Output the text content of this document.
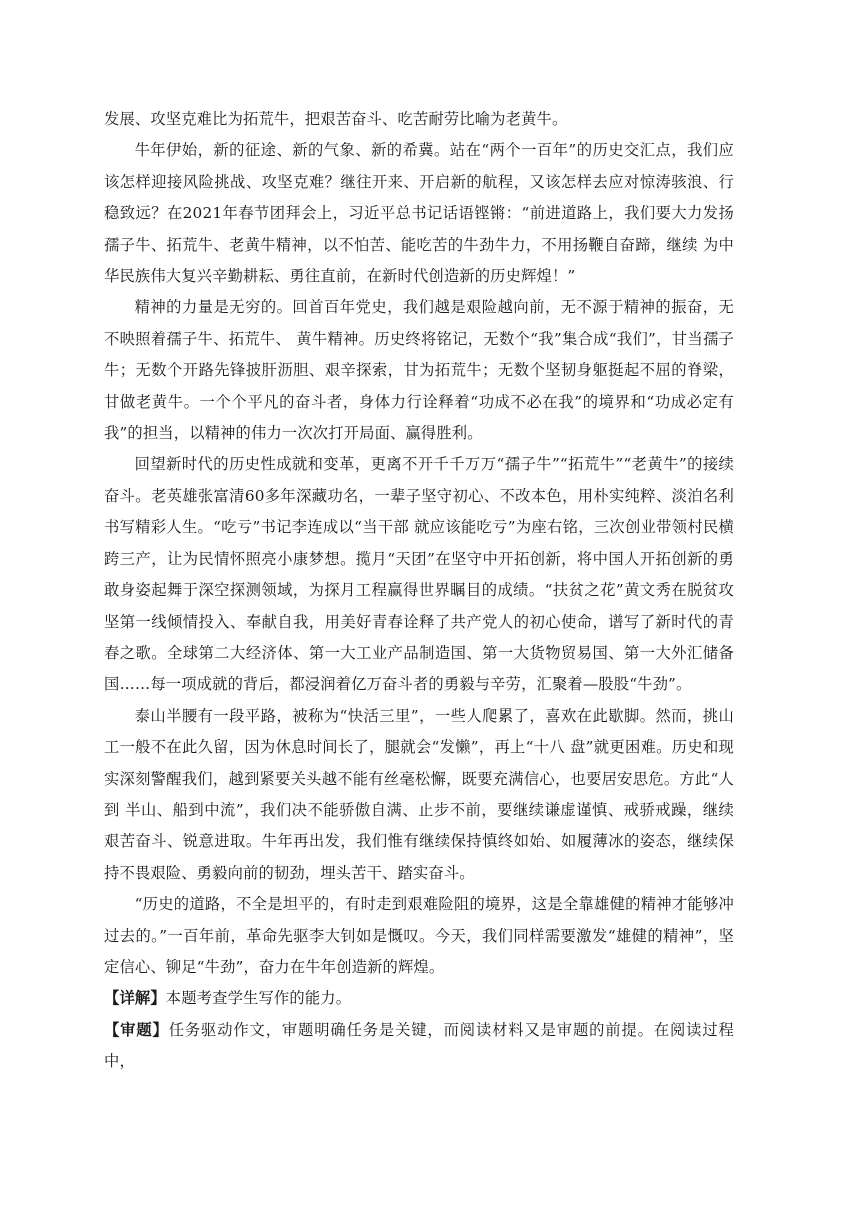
发展、攻坚克难比为拓荒牛，把艰苦奋斗、吃苦耐劳比喻为老黄牛。

牛年伊始，新的征途、新的气象、新的希冀。站在“两个一百年”的历史交汇点，我们应该怎样迎接风险挑战、攻坚克难？继往开来、开启新的航程，又该怎样去应对惊涛骇浪、行稳致远？在2021年春节团拜会上，习近平总书记话语铿锵：“前进道路上，我们要大力发扬孺子牛、拓荒牛、老黄牛精神，以不怕苦、能吃苦的牛劲牛力，不用扬鞭自奋蹄，继续 为中华民族伟大复兴辛勤耕耘、勇往直前，在新时代创造新的历史辉煌！”

精神的力量是无穷的。回首百年党史，我们越是艰险越向前，无不源于精神的振奋，无不映照着孺子牛、拓荒牛、 黄牛精神。历史终将铭记，无数个“我”集合成“我们”，甘当孺子牛；无数个开路先锋披肝沥胆、艰辛探索，甘为拓荒牛；无数个坚韧身躯挺起不屈的脊梁，甘做老黄牛。一个个平凡的奋斗者，身体力行诠释着“功成不必在我”的境界和“功成必定有我”的担当，以精神的伟力一次次打开局面、赢得胜利。

回望新时代的历史性成就和变革，更离不开千千万万“孺子牛”“拓荒牛”“老黄牛”的接续奋斗。老英雄张富清60多年深藏功名，一辈子坚守初心、不改本色，用朴实纯粹、淡泊名利书写精彩人生。“吃亏”书记李连成以“当干部 就应该能吃亏”为座右铭，三次创业带领村民横跨三产，让为民情怀照亮小康梦想。揽月“天团”在坚守中开拓创新，将中国人开拓创新的勇敢身姿起舞于深空探测领域，为探月工程赢得世界瞩目的成绩。“扶贫之花”黄文秀在脱贫攻坚第一线倾情投入、奉献自我，用美好青春诠释了共产党人的初心使命，谱写了新时代的青春之歌。全球第二大经济体、第一大工业产品制造国、第一大货物贸易国、第一大外汇储备国……每一项成就的背后，都浸润着亿万奋斗者的勇毅与辛劳，汇聚着—股股“牛劲”。

泰山半腰有一段平路，被称为“快活三里”，一些人爬累了，喜欢在此歇脚。然而，挑山工一般不在此久留，因为休息时间长了，腿就会“发懒”，再上“十八 盘”就更困难。历史和现实深刻警醒我们，越到紧要关头越不能有丝毫松懈，既要充满信心，也要居安思危。方此“人到 半山、船到中流”，我们决不能骄傲自满、止步不前，要继续谦虚谨慎、戒骄戒躁，继续艰苦奋斗、锐意进取。牛年再出发，我们惟有继续保持慎终如始、如履薄冰的姿态，继续保持不畏艰险、勇毅向前的韧劲，埋头苦干、踏实奋斗。

“历史的道路，不全是坦平的，有时走到艰难险阻的境界，这是全靠雄健的精神才能够冲过去的。”一百年前，革命先驱李大钊如是慨叹。今天，我们同样需要激发“雄健的精神”，坚定信心、铆足“牛劲”，奋力在牛年创造新的辉煌。

【详解】本题考查学生写作的能力。

【审题】任务驱动作文，审题明确任务是关键，而阅读材料又是审题的前提。在阅读过程中，
